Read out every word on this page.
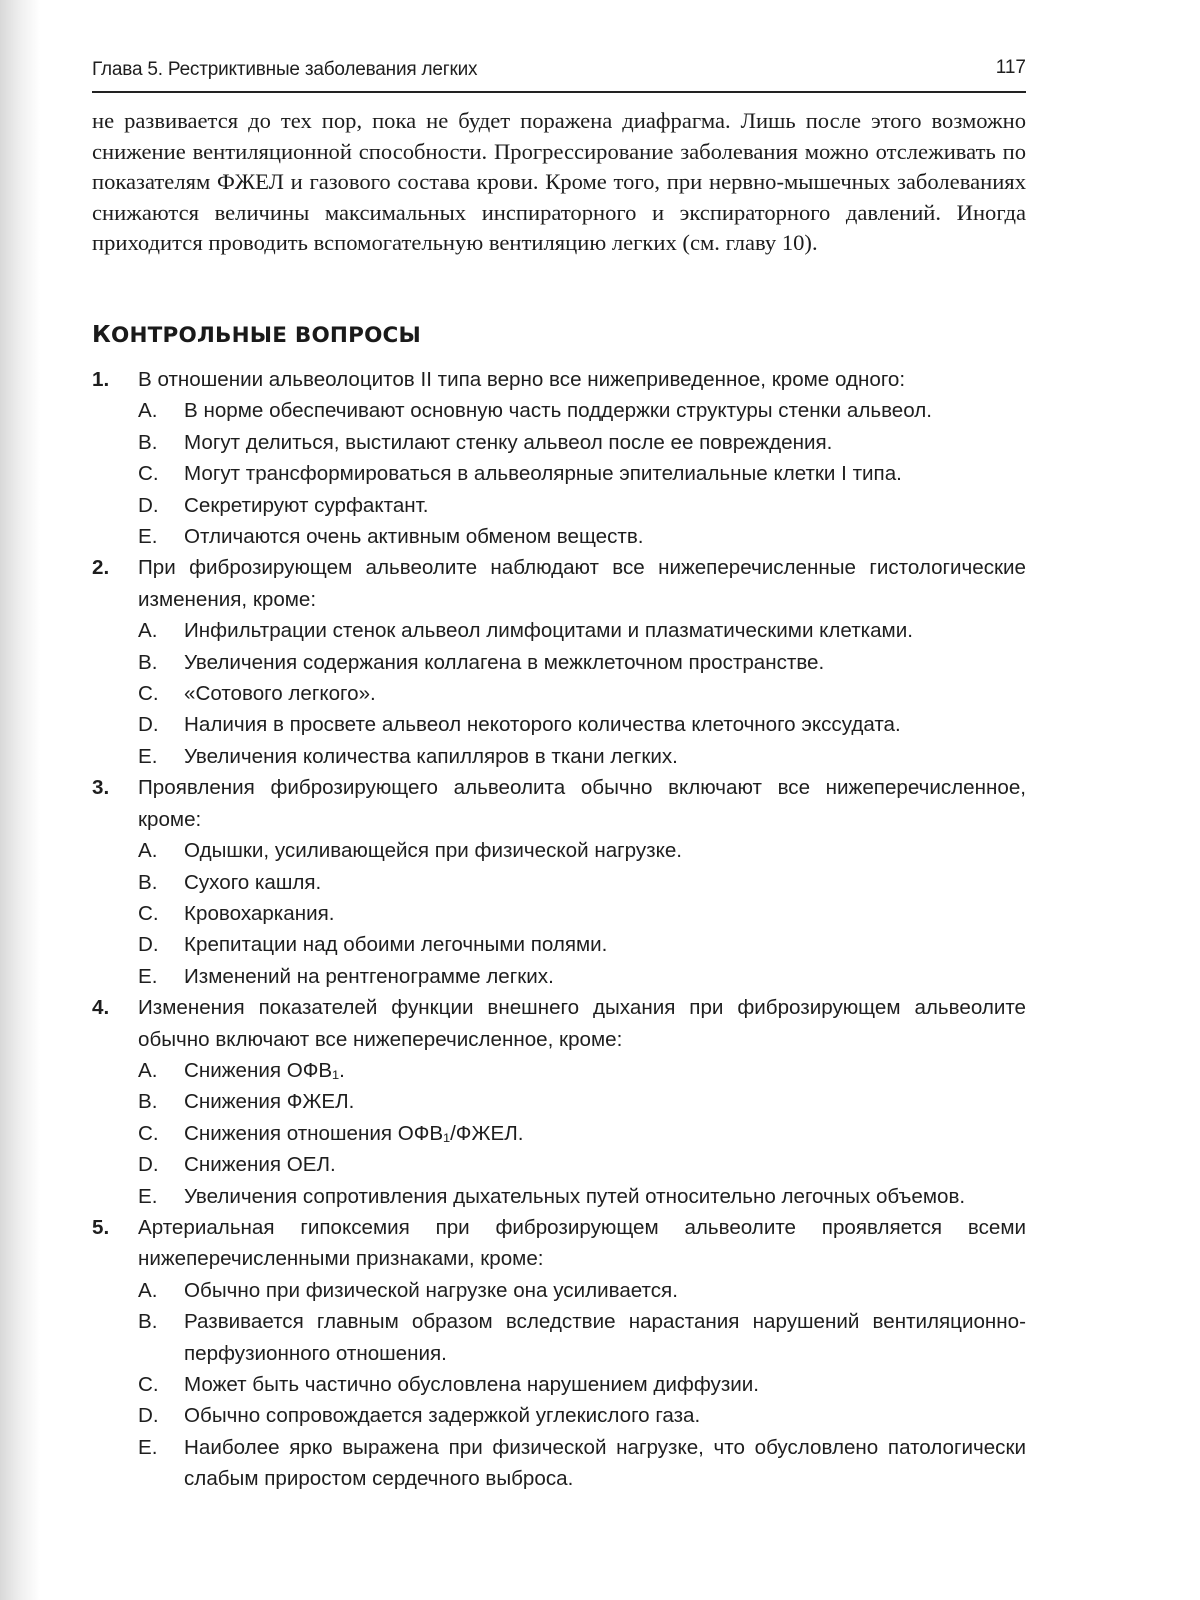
Глава 5. Рестриктивные заболевания легких	117
не развивается до тех пор, пока не будет поражена диафрагма. Лишь после этого возможно снижение вентиляционной способности. Прогрессирование заболевания можно отслеживать по показателям ФЖЕЛ и газового состава крови. Кроме того, при нервно-мышечных заболеваниях снижаются величины максимальных инспираторного и экспираторного давлений. Иногда приходится проводить вспомогательную вентиляцию легких (см. главу 10).
КОНТРОЛЬНЫЕ ВОПРОСЫ
1. В отношении альвеолоцитов II типа верно все нижеприведенное, кроме одного:
A. В норме обеспечивают основную часть поддержки структуры стенки альвеол.
B. Могут делиться, выстилают стенку альвеол после ее повреждения.
C. Могут трансформироваться в альвеолярные эпителиальные клетки I типа.
D. Секретируют сурфактант.
E. Отличаются очень активным обменом веществ.
2. При фиброзирующем альвеолите наблюдают все нижеперечисленные гистологические изменения, кроме:
A. Инфильтрации стенок альвеол лимфоцитами и плазматическими клетками.
B. Увеличения содержания коллагена в межклеточном пространстве.
C. «Сотового легкого».
D. Наличия в просвете альвеол некоторого количества клеточного экссудата.
E. Увеличения количества капилляров в ткани легких.
3. Проявления фиброзирующего альвеолита обычно включают все нижеперечисленное, кроме:
A. Одышки, усиливающейся при физической нагрузке.
B. Сухого кашля.
C. Кровохаркания.
D. Крепитации над обоими легочными полями.
E. Изменений на рентгенограмме легких.
4. Изменения показателей функции внешнего дыхания при фиброзирующем альвеолите обычно включают все нижеперечисленное, кроме:
A. Снижения ОФВ₁.
B. Снижения ФЖЕЛ.
C. Снижения отношения ОФВ₁/ФЖЕЛ.
D. Снижения ОЕЛ.
E. Увеличения сопротивления дыхательных путей относительно легочных объемов.
5. Артериальная гипоксемия при фиброзирующем альвеолите проявляется всеми нижеперечисленными признаками, кроме:
A. Обычно при физической нагрузке она усиливается.
B. Развивается главным образом вследствие нарастания нарушений вентиляционно-перфузионного отношения.
C. Может быть частично обусловлена нарушением диффузии.
D. Обычно сопровождается задержкой углекислого газа.
E. Наиболее ярко выражена при физической нагрузке, что обусловлено патологически слабым приростом сердечного выброса.
